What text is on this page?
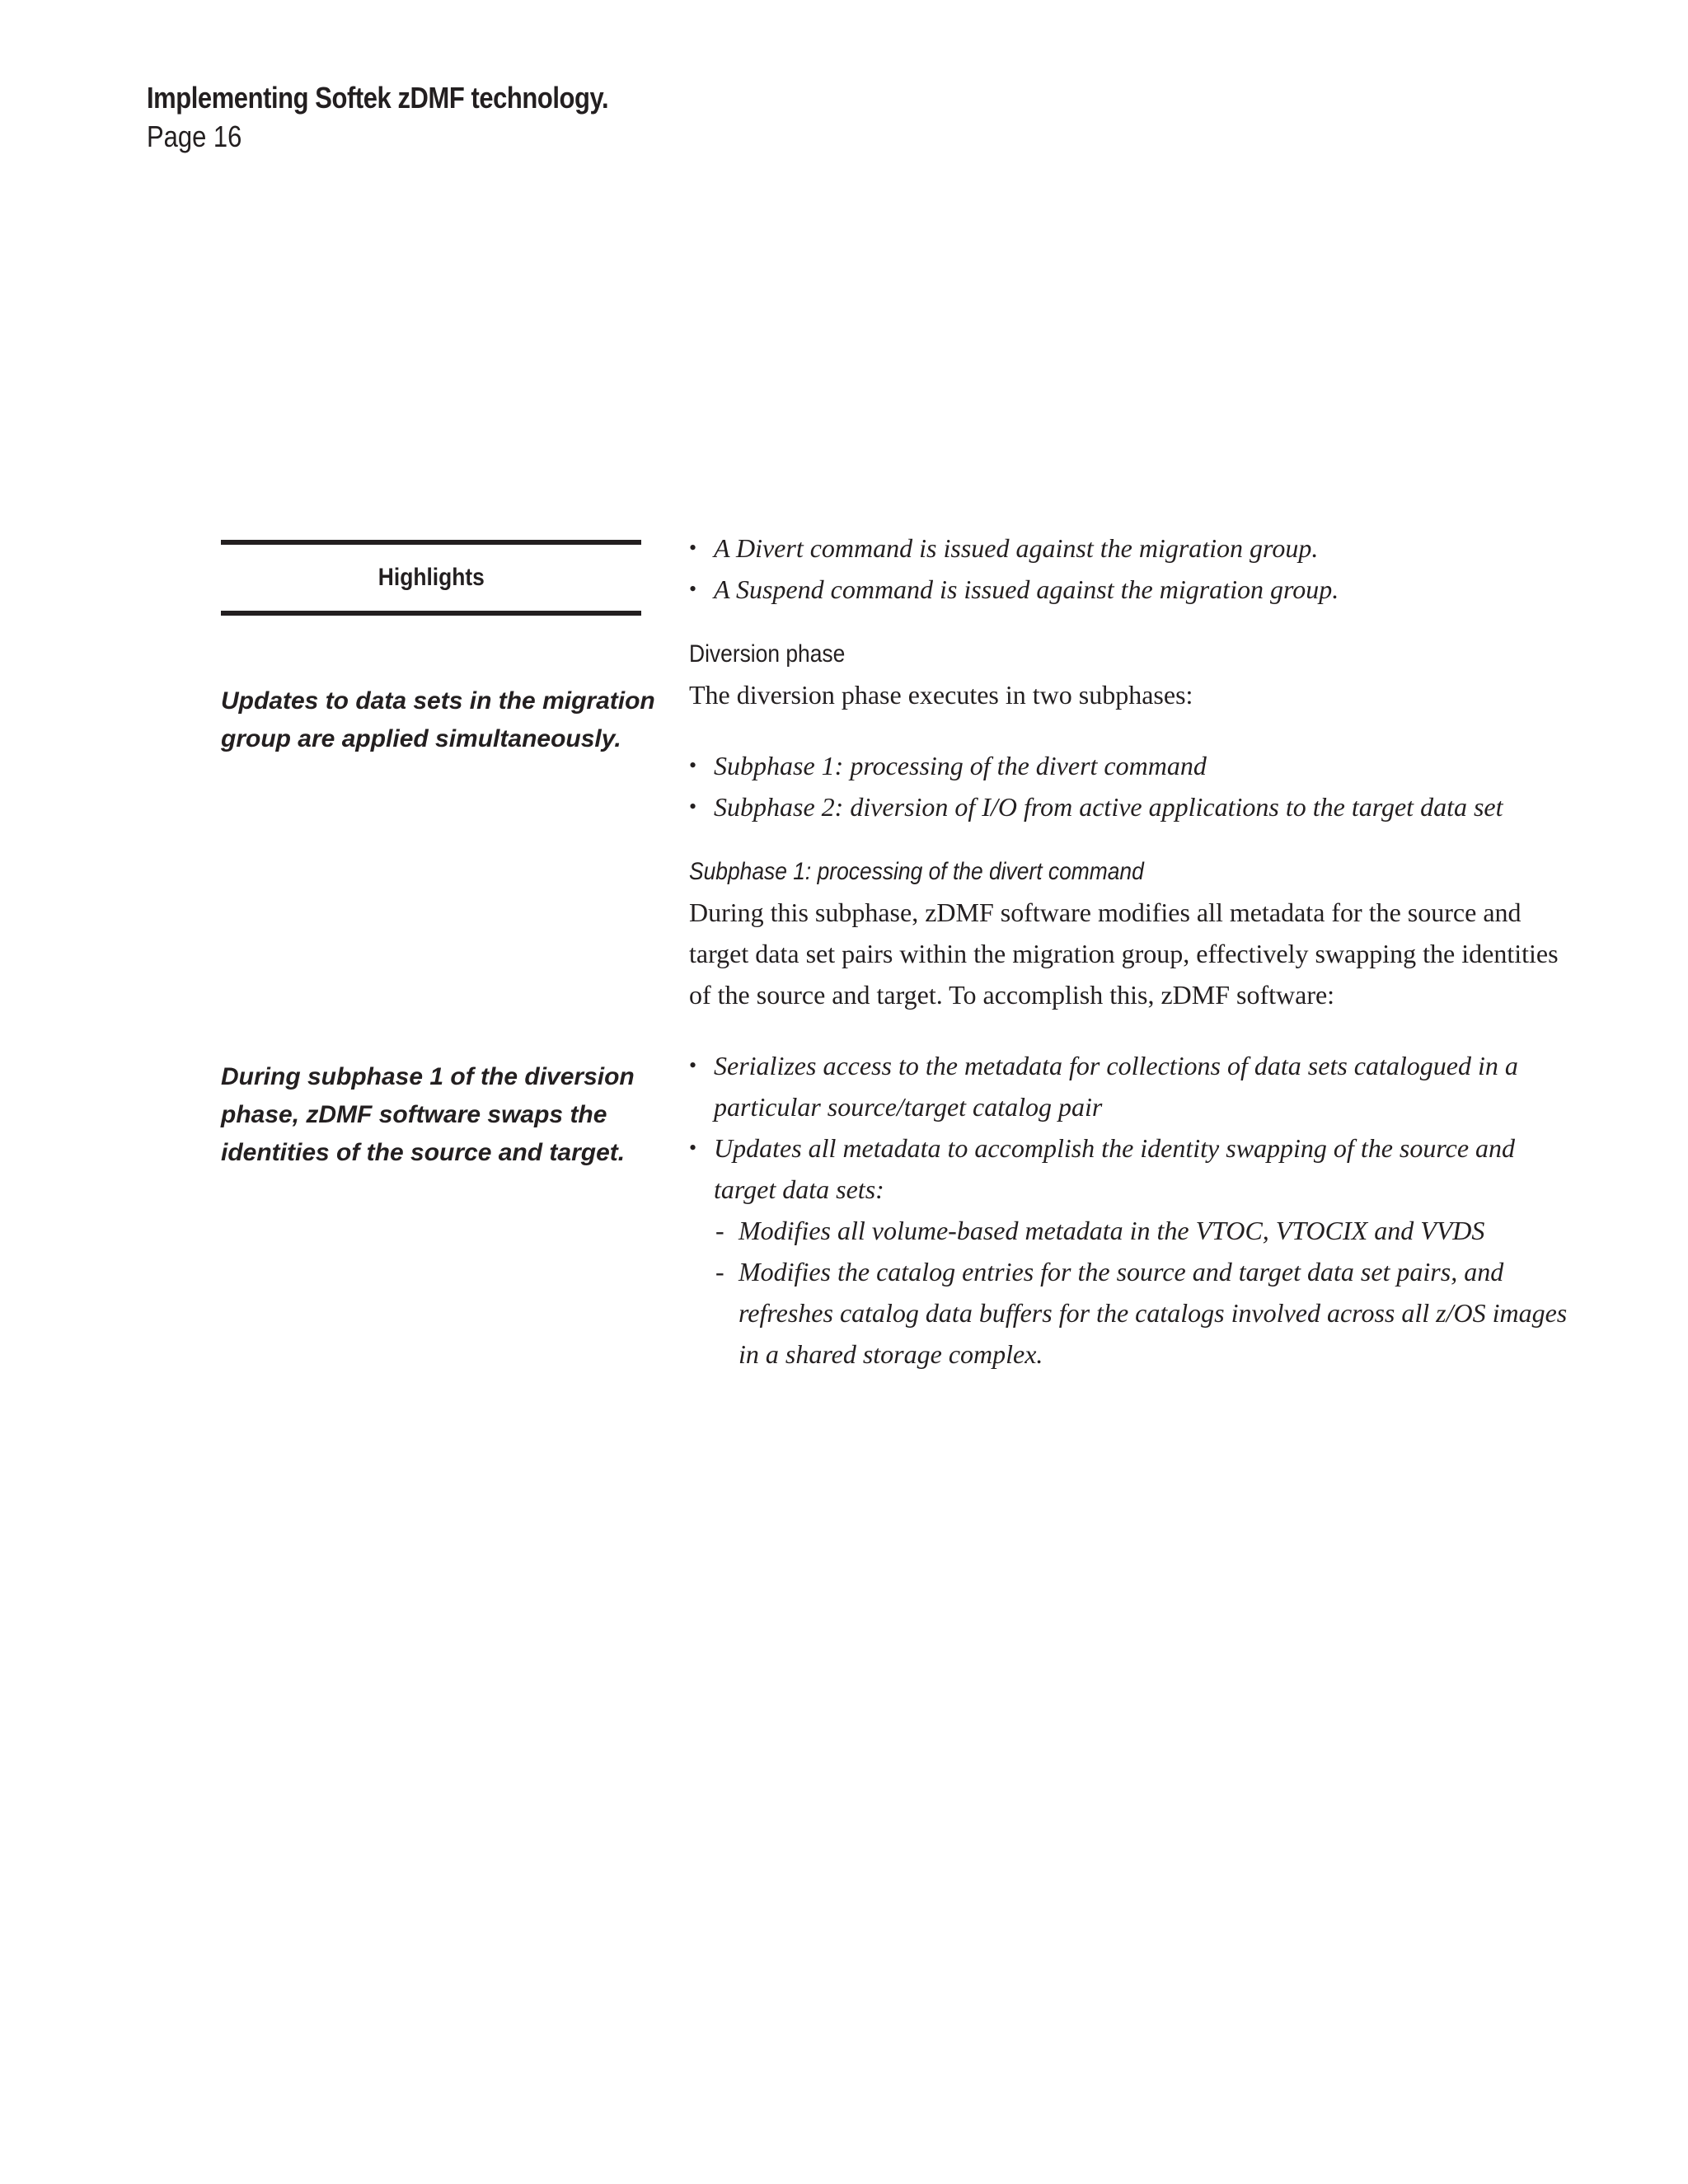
Implementing Softek zDMF technology.
Page 16
Highlights
Updates to data sets in the migration group are applied simultaneously.
During subphase 1 of the diversion phase, zDMF software swaps the identities of the source and target.
• A Divert command is issued against the migration group.
• A Suspend command is issued against the migration group.
Diversion phase

The diversion phase executes in two subphases:

• Subphase 1: processing of the divert command
• Subphase 2: diversion of I/O from active applications to the target data set
Subphase 1: processing of the divert command

During this subphase, zDMF software modifies all metadata for the source and target data set pairs within the migration group, effectively swapping the identities of the source and target. To accomplish this, zDMF software:

• Serializes access to the metadata for collections of data sets catalogued in a particular source/target catalog pair
• Updates all metadata to accomplish the identity swapping of the source and target data sets:
- Modifies all volume-based metadata in the VTOC, VTOCIX and VVDS
- Modifies the catalog entries for the source and target data set pairs, and refreshes catalog data buffers for the catalogs involved across all z/OS images in a shared storage complex.
